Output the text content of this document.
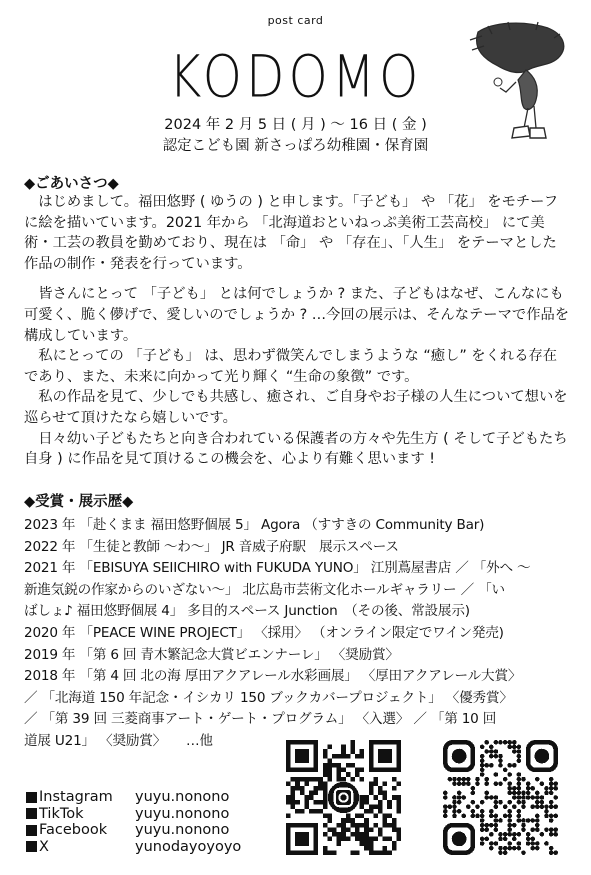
post card
KODOMO
2024 年 2 月 5 日 ( 月 ) 〜 16 日 ( 金 )
認定こども園 新さっぽろ幼稚園・保育園
◆ごあいさつ◆

はじめまして。福田悠野 ( ゆうの ) と申します。「子ども」 や 「花」 をモチーフに絵を描いています。2021 年から 「北海道おといねっぷ美術工芸高校」 にて美術・工芸の教員を勤めており、現在は 「命」 や 「存在」、「人生」 をテーマとした作品の制作・発表を行っています。

皆さんにとって 「子ども」 とは何でしょうか ? また、子どもはなぜ、こんなにも可愛く、脆く儚げで、愛しいのでしょうか ? …今回の展示は、そんなテーマで作品を構成しています。

私にとっての 「子ども」 は、思わず微笑んでしまうような “癒し” をくれる存在であり、また、未来に向かって光り輝く “生命の象徴” です。

私の作品を見て、少しでも共感し、癒され、ご自身やお子様の人生について想いを巡らせて頂けたなら嬉しいです。

日々幼い子どもたちと向き合われている保護者の方々や先生方 ( そして子どもたち自身 ) に作品を見て頂けるこの機会を、心より有難く思います !

◆受賞・展示歴◆

2023 年 「赴くまま 福田悠野個展 5」 Agora （すすきの Community Bar)

2022 年 「生徒と教師 〜わ〜」 JR 音威子府駅　展示スペース

2021 年 「EBISUYA SEIICHIRO with FUKUDA YUNO」 江別蔦屋書店 ／ 「外へ 〜

新進気鋭の作家からのいざない〜」 北広島市芸術文化ホールギャラリー ／ 「い

ばしょ♪ 福田悠野個展 4」 多目的スペース Junction　（その後、常設展示)

2020 年 「PEACE WINE PROJECT」 〈採用〉 （オンライン限定でワイン発売)

2019 年 「第 6 回 青木繁記念大賞ビエンナーレ」 〈奨励賞〉

2018 年 「第 4 回 北の海 厚田アクアレール水彩画展」 〈厚田アクアレール大賞〉

／ 「北海道 150 年記念・イシカリ 150 ブックカバープロジェクト」 〈優秀賞〉

／ 「第 39 回 三菱商事アート・ゲート・プログラム」 〈入選〉 ／ 「第 10 回

道展 U21」 〈奨励賞〉　　…他

Instagram	yuyu.nonono
TikTok	yuyu.nonono
Facebook	yuyu.nonono
X	yunodayoyoyo
